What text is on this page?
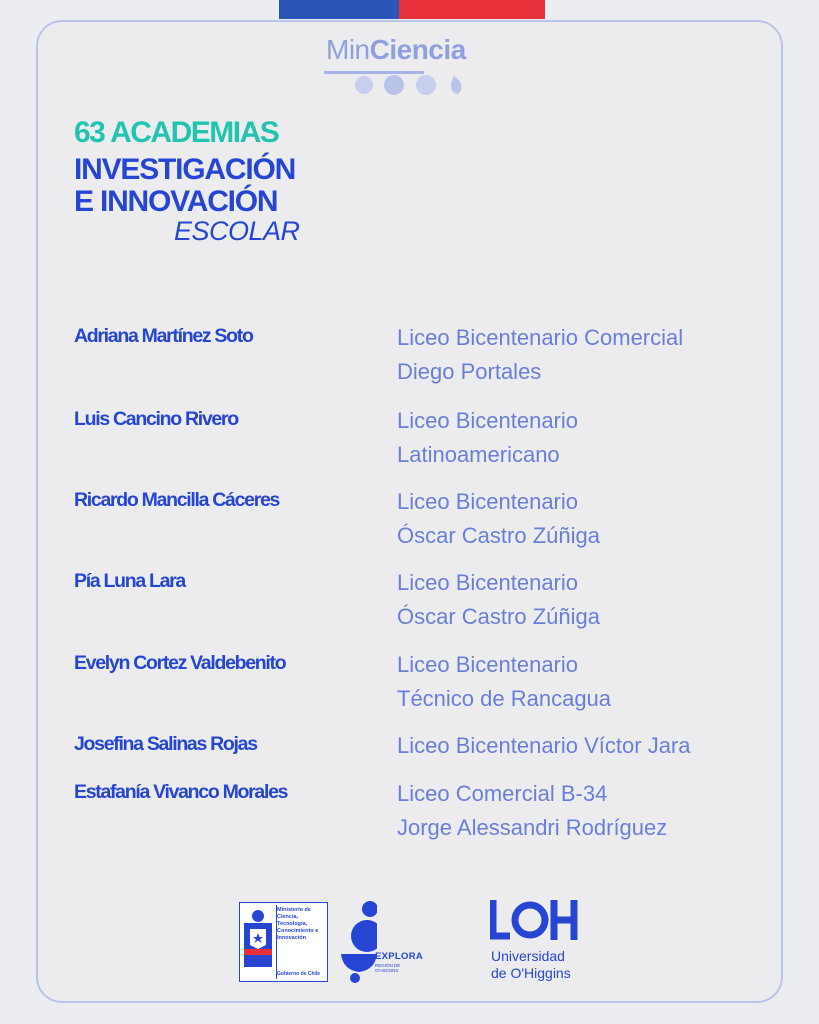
MinCiencia
63 ACADEMIAS
INVESTIGACIÓN
E INNOVACIÓN
ESCOLAR
Adriana Martínez Soto	Liceo Bicentenario Comercial
Diego Portales
Luis Cancino Rivero	Liceo Bicentenario
Latinoamericano
Ricardo Mancilla Cáceres	Liceo Bicentenario
Óscar Castro Zúñiga
Pía Luna Lara	Liceo Bicentenario
Óscar Castro Zúñiga
Evelyn Cortez Valdebenito	Liceo Bicentenario
Técnico de Rancagua
Josefina Salinas Rojas	Liceo Bicentenario Víctor Jara
Estafanía Vivanco Morales	Liceo Comercial B-34
Jorge Alessandri Rodríguez
Ministerio de Ciencia, Tecnología, Conocimiento e Innovación
Gobierno de Chile
EXPLORA
REGIÓN DE O'HIGGINS
Universidad
de O'Higgins
